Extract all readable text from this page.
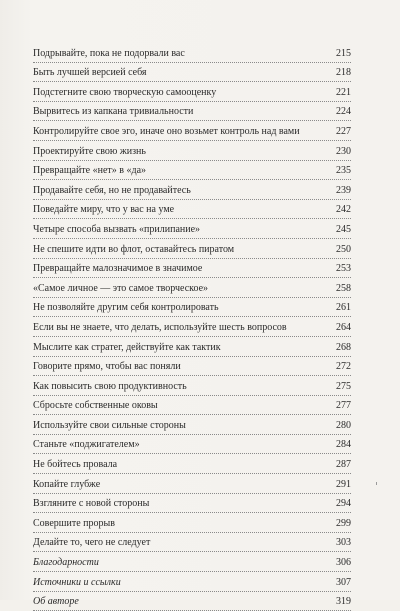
Подрывайте, пока не подорвали вас	215
Быть лучшей версией себя	218
Подстегните свою творческую самооценку	221
Вырвитесь из капкана тривиальности	224
Контролируйте свое эго, иначе оно возьмет контроль над вами	227
Проектируйте свою жизнь	230
Превращайте «нет» в «да»	235
Продавайте себя, но не продавайтесь	239
Поведайте миру, что у вас на уме	242
Четыре способа вызвать «прилипание»	245
Не спешите идти во флот, оставайтесь пиратом	250
Превращайте малозначимое в значимое	253
«Самое личное — это самое творческое»	258
Не позволяйте другим себя контролировать	261
Если вы не знаете, что делать, используйте шесть вопросов	264
Мыслите как стратег, действуйте как тактик	268
Говорите прямо, чтобы вас поняли	272
Как повысить свою продуктивность	275
Сбросьте собственные оковы	277
Используйте свои сильные стороны	280
Станьте «поджигателем»	284
Не бойтесь провала	287
Копайте глубже	291
Взгляните с новой стороны	294
Совершите прорыв	299
Делайте то, чего не следует	303
Благодарности	306
Источники и ссылки	307
Об авторе	319
